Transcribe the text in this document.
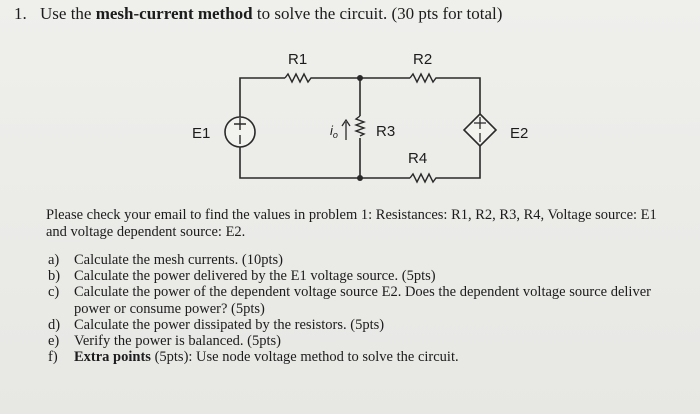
1. Use the mesh-current method to solve the circuit. (30 pts for total)
R1	R2
E1	E2
R3
R4
$i_o$
Please check your email to find the values in problem 1: Resistances: R1, R2, R3, R4, Voltage source: E1 and voltage dependent source: E2.
a) Calculate the mesh currents. (10pts)
b) Calculate the power delivered by the E1 voltage source. (5pts)
c) Calculate the power of the dependent voltage source E2. Does the dependent voltage source deliver power or consume power? (5pts)
d) Calculate the power dissipated by the resistors. (5pts)
e) Verify the power is balanced. (5pts)
f) Extra points (5pts): Use node voltage method to solve the circuit.
